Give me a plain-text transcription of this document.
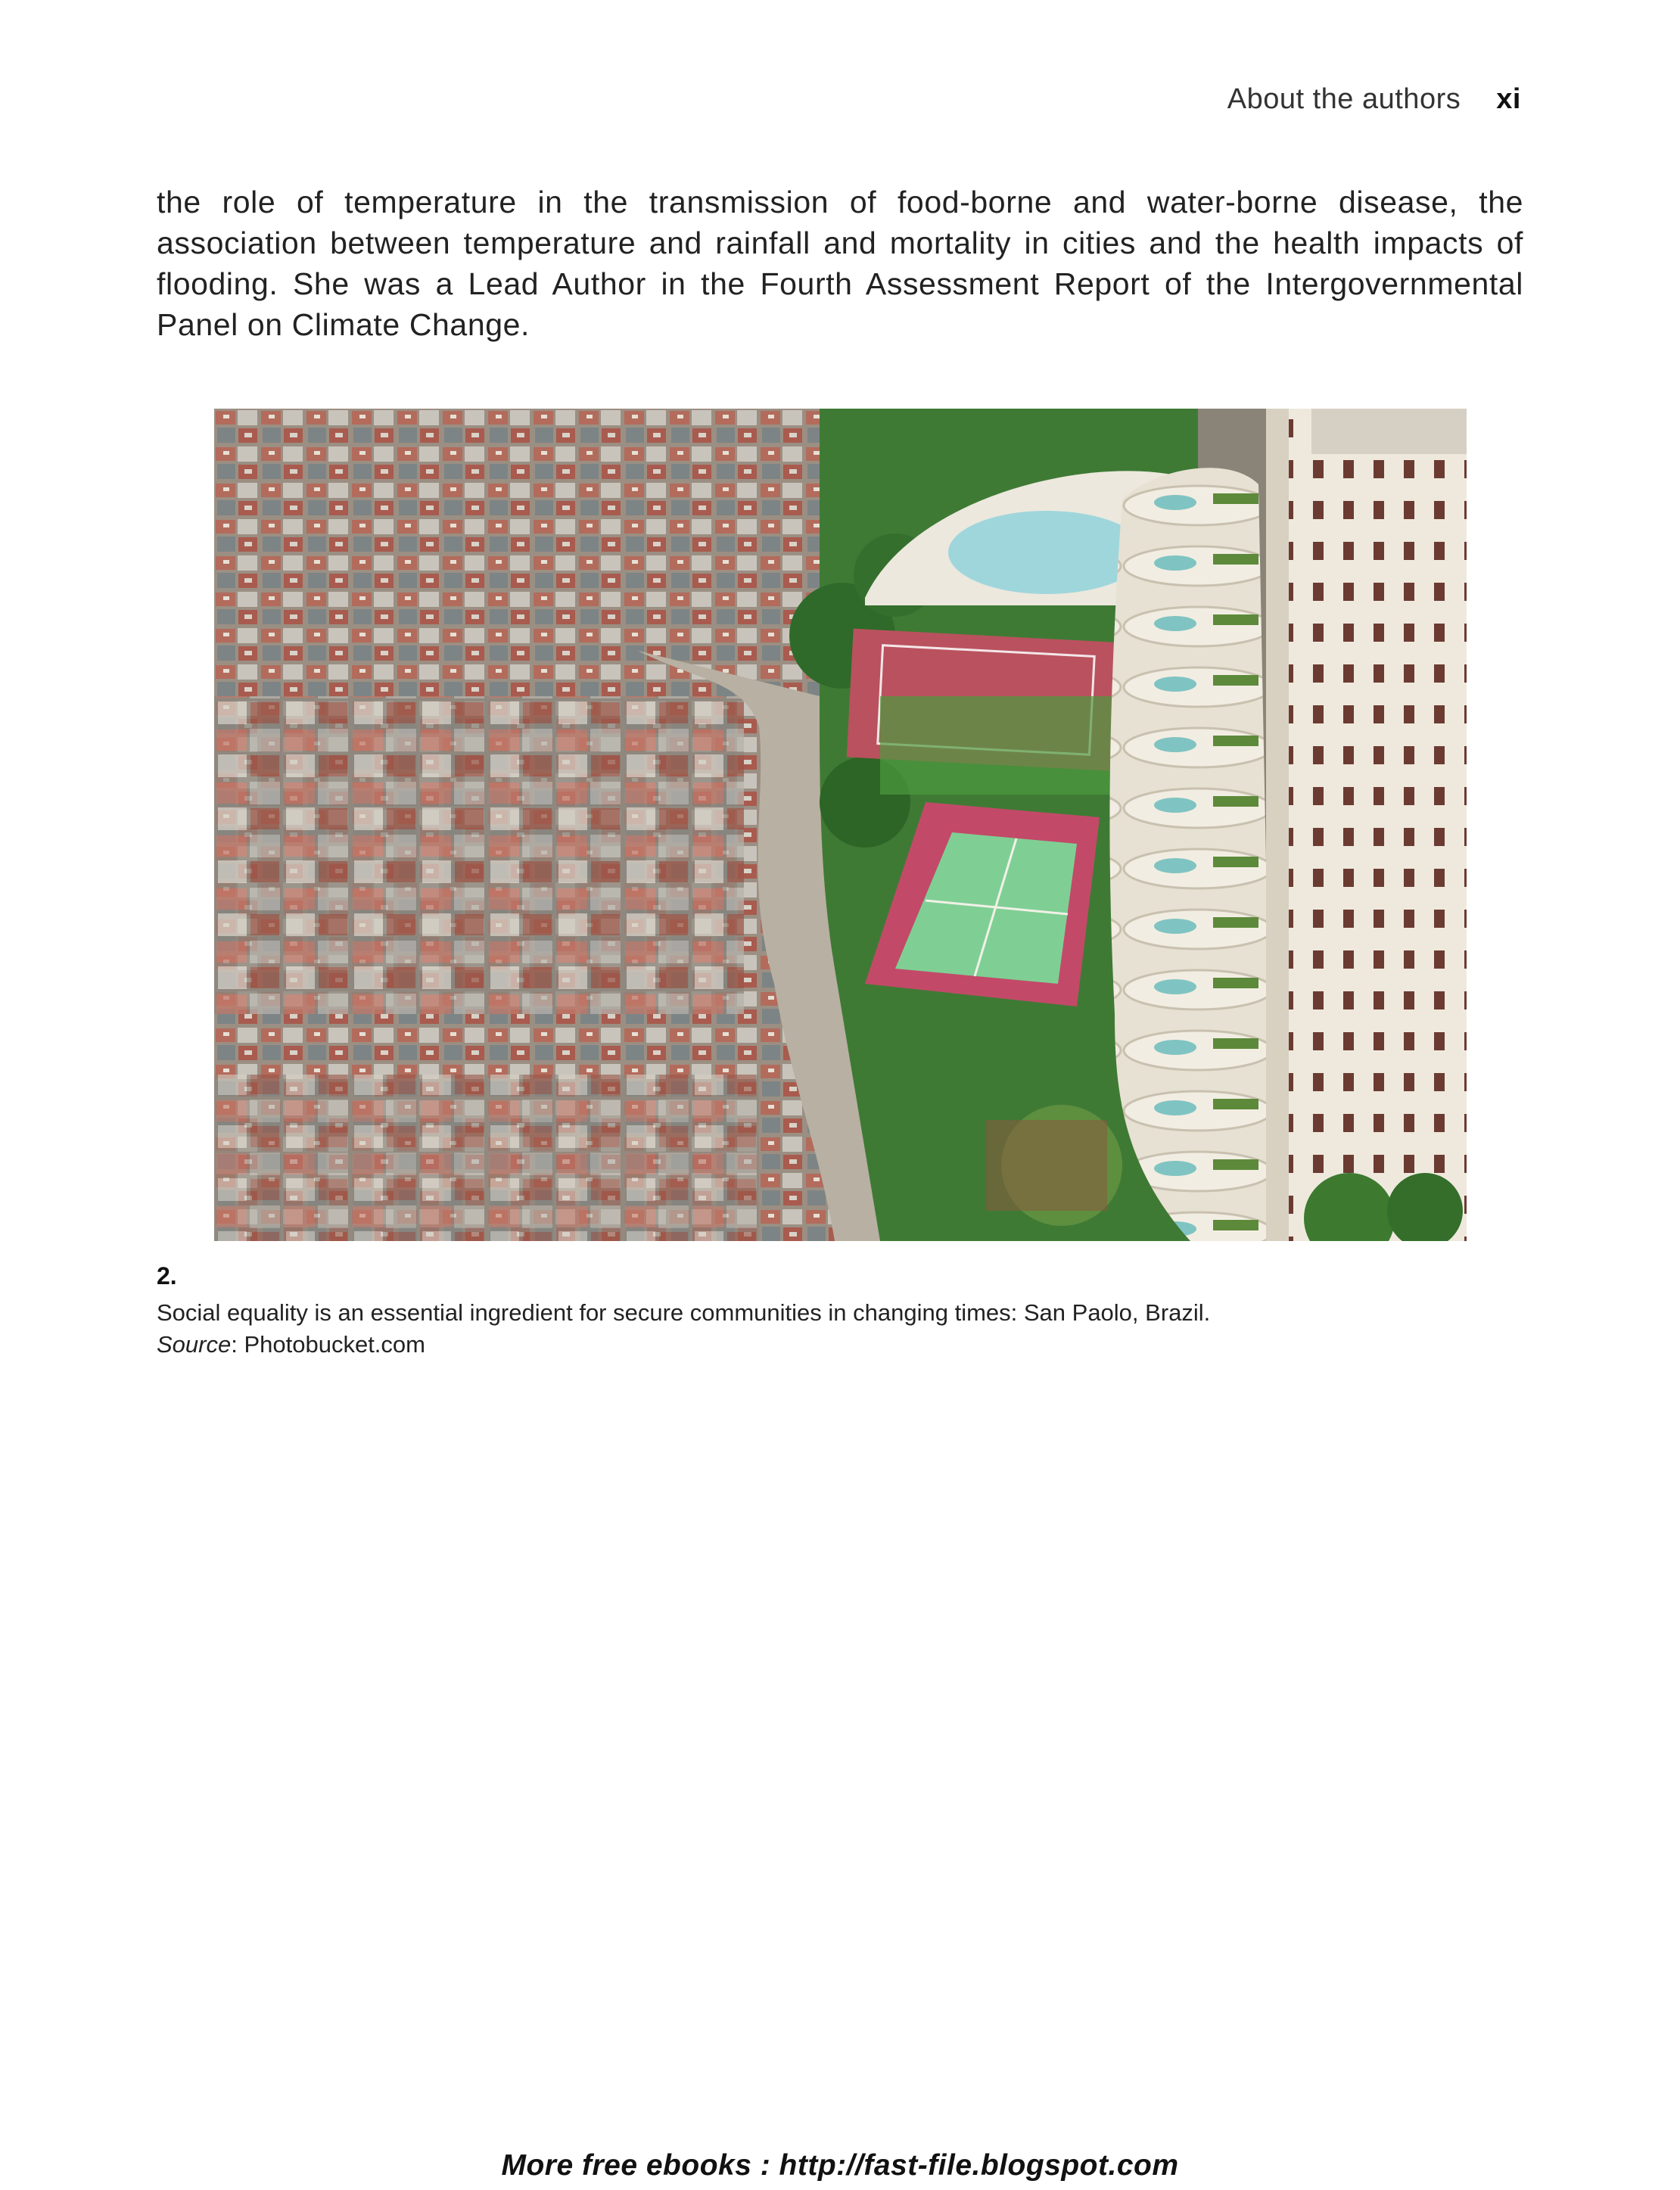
About the authors xi

the role of temperature in the transmission of food-borne and water-borne disease, the association between temperature and rainfall and mortality in cities and the health impacts of flooding. She was a Lead Author in the Fourth Assessment Report of the Intergovernmental Panel on Climate Change.

2.
Social equality is an essential ingredient for secure communities in changing times: San Paolo, Brazil.
Source: Photobucket.com
More free ebooks : http://fast-file.blogspot.com
